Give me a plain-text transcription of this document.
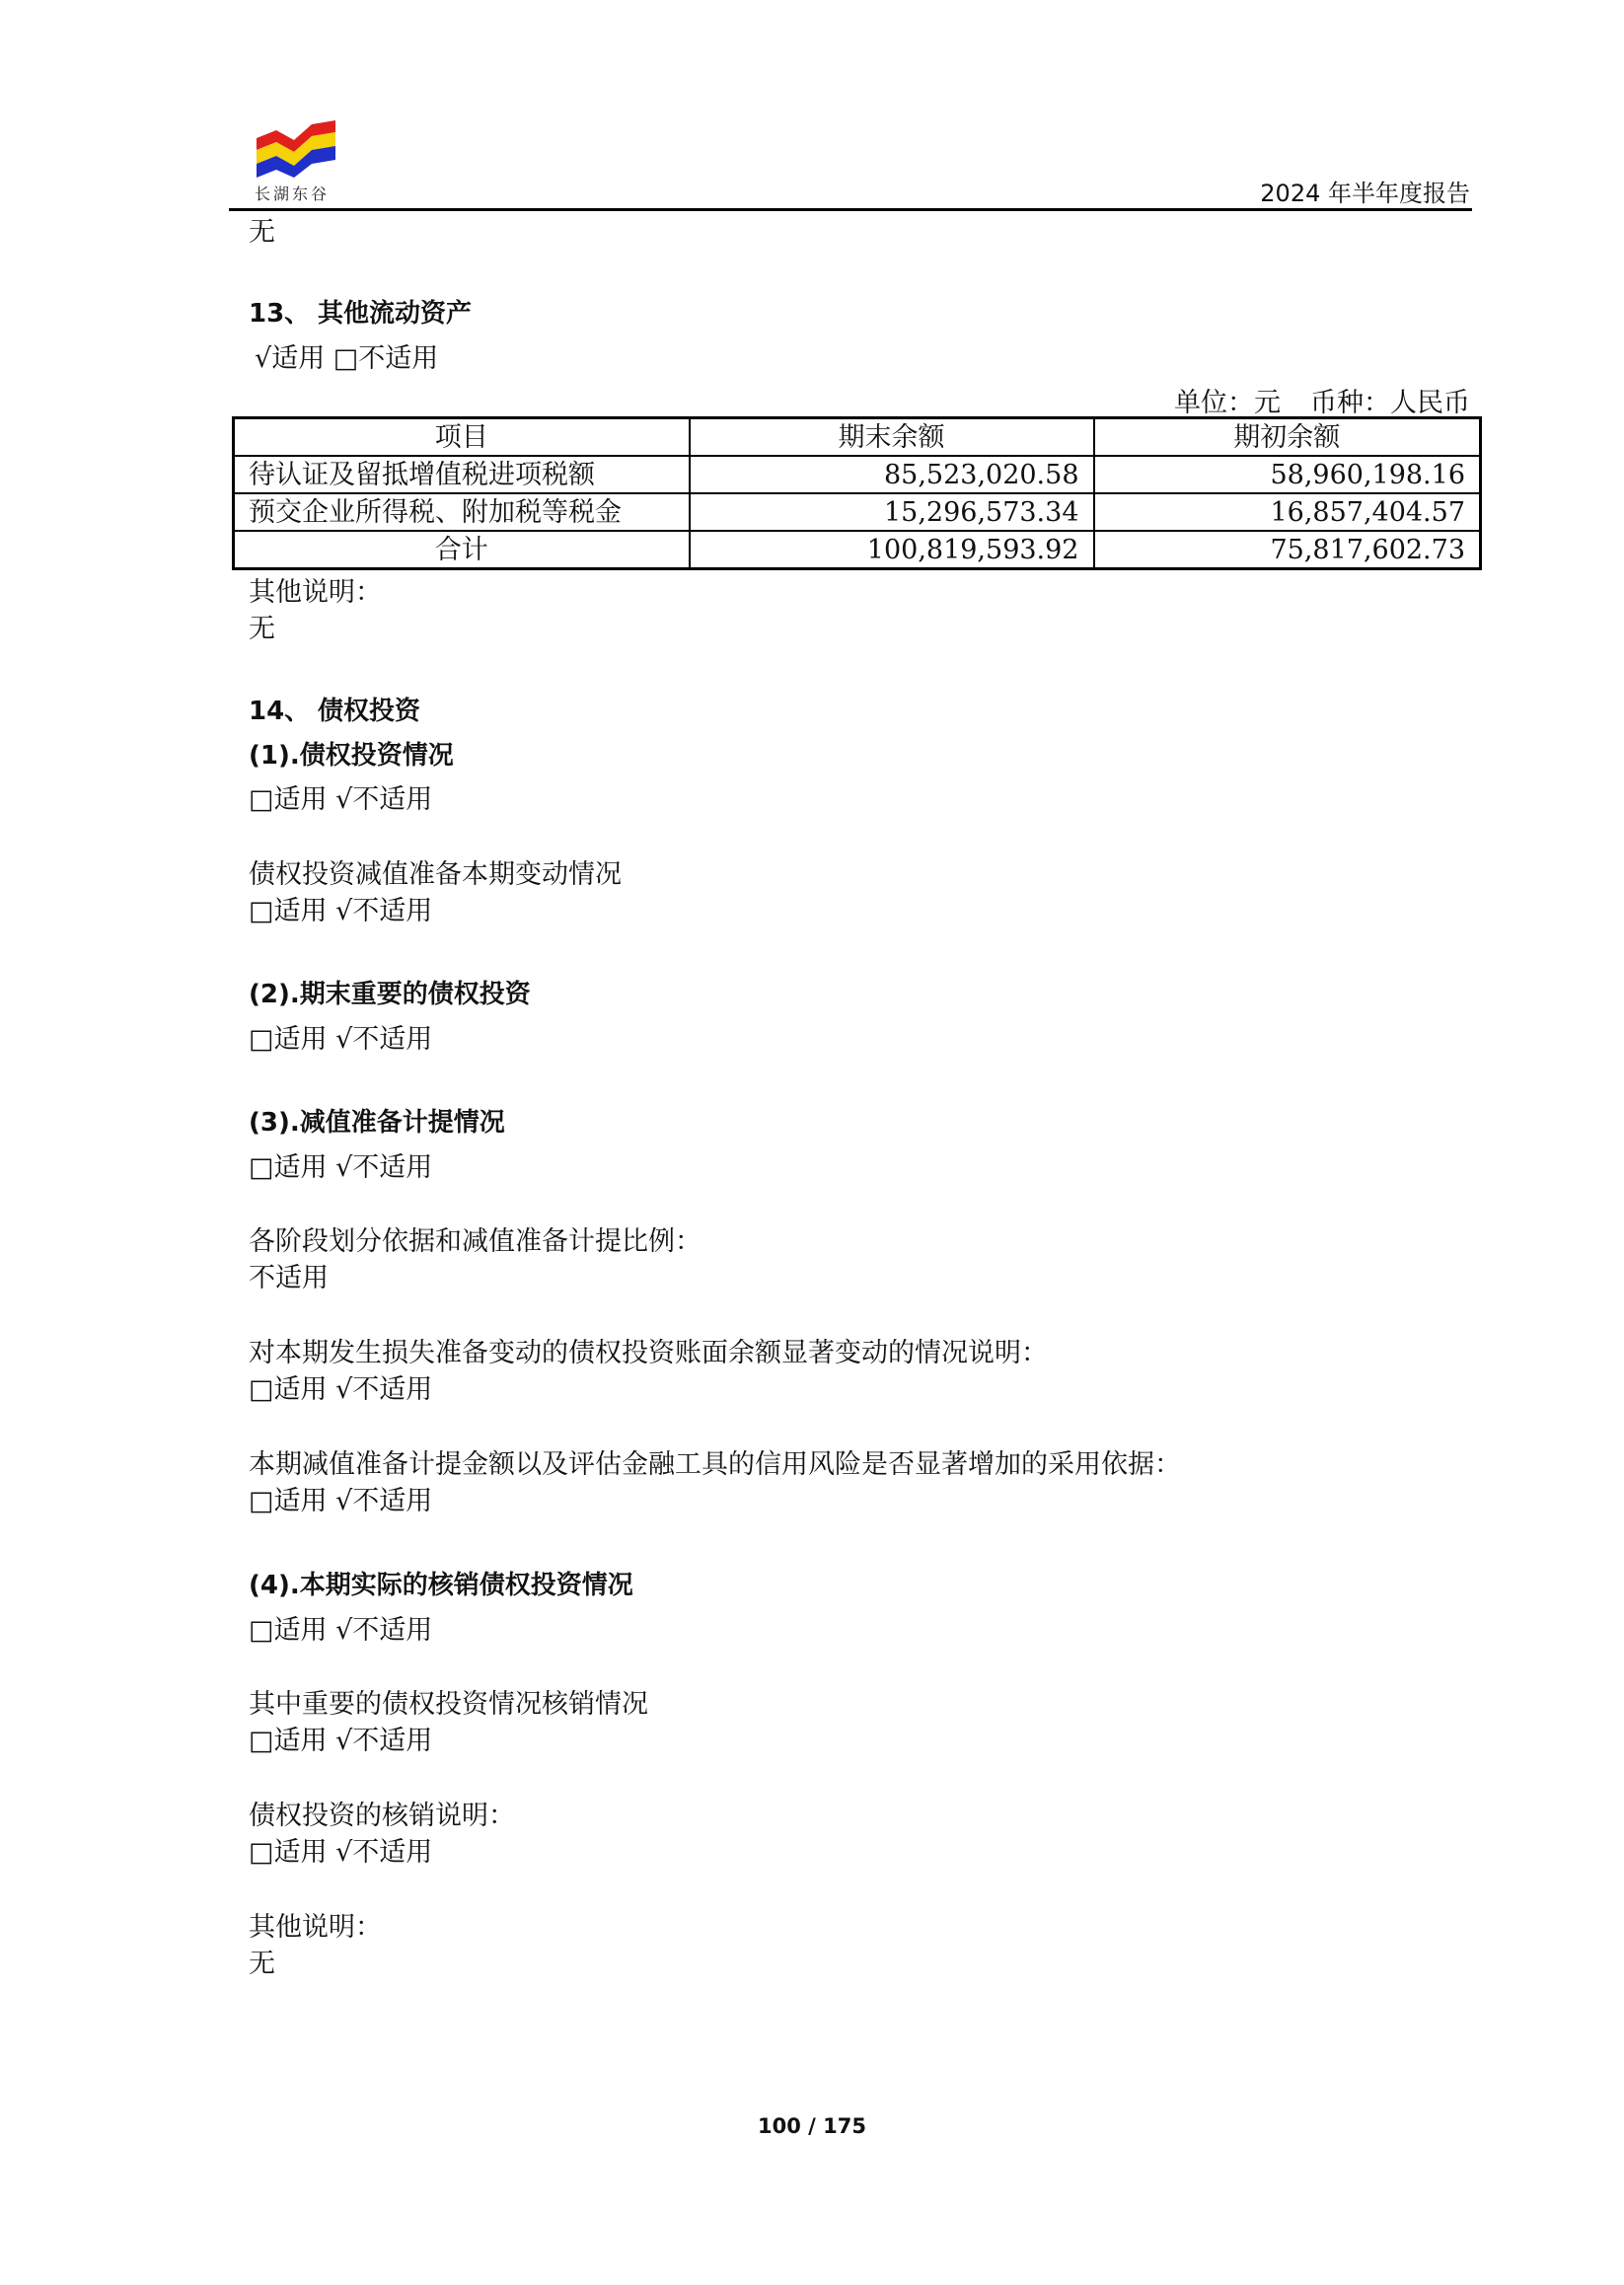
长湖东谷	2024 年半年度报告
无
13、 其他流动资产
√适用 □不适用
单位：元 币种：人民币
项目	期末余额	期初余额
待认证及留抵增值税进项税额	85,523,020.58	58,960,198.16
预交企业所得税、附加税等税金	15,296,573.34	16,857,404.57
合计	100,819,593.92	75,817,602.73
其他说明：
无
14、 债权投资
(1).债权投资情况
□适用 √不适用
债权投资减值准备本期变动情况
□适用 √不适用
(2).期末重要的债权投资
□适用 √不适用
(3).减值准备计提情况
□适用 √不适用
各阶段划分依据和减值准备计提比例：
不适用
对本期发生损失准备变动的债权投资账面余额显著变动的情况说明：
□适用 √不适用
本期减值准备计提金额以及评估金融工具的信用风险是否显著增加的采用依据：
□适用 √不适用
(4).本期实际的核销债权投资情况
□适用 √不适用
其中重要的债权投资情况核销情况
□适用 √不适用
债权投资的核销说明：
□适用 √不适用
其他说明：
无
100 / 175
